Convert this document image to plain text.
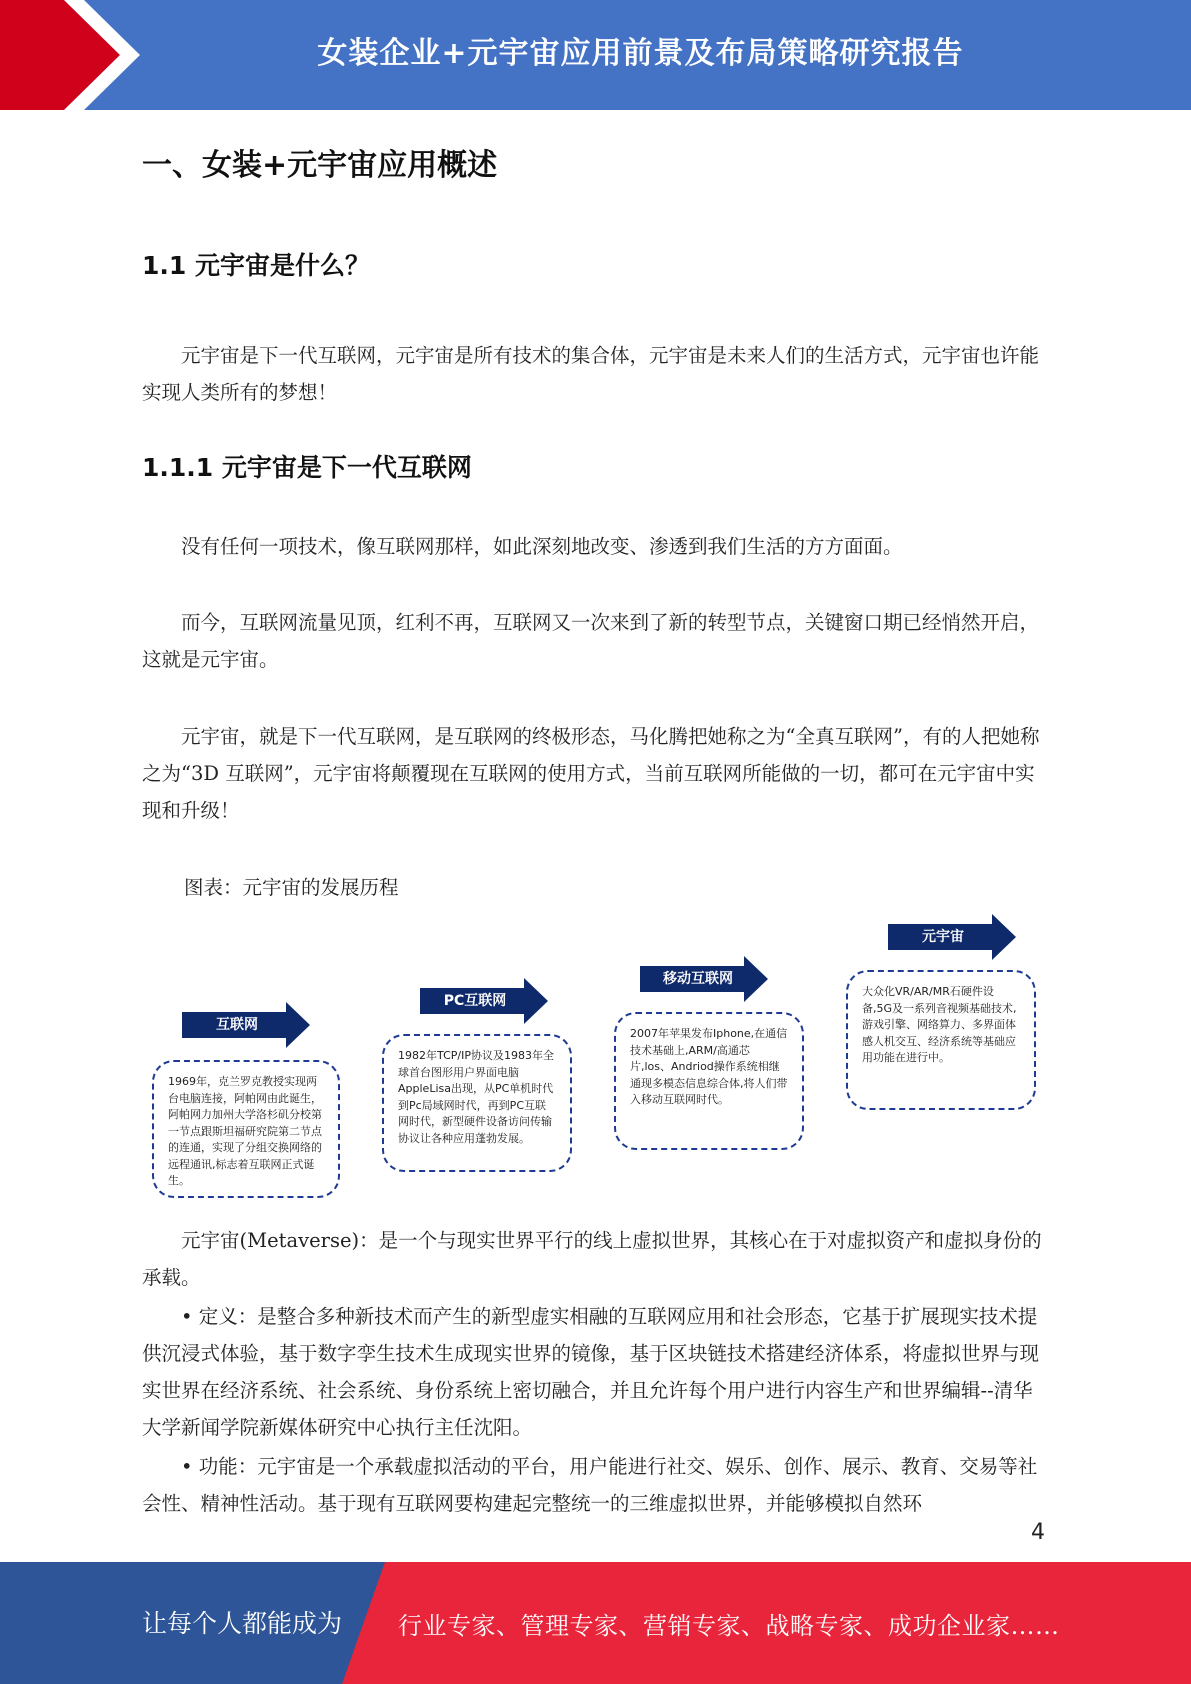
女装企业+元宇宙应用前景及布局策略研究报告
一、女装+元宇宙应用概述
1.1 元宇宙是什么？

元宇宙是下一代互联网，元宇宙是所有技术的集合体，元宇宙是未来人们的生活方式，元宇宙也许能实现人类所有的梦想！

1.1.1 元宇宙是下一代互联网

没有任何一项技术，像互联网那样，如此深刻地改变、渗透到我们生活的方方面面。

而今，互联网流量见顶，红利不再，互联网又一次来到了新的转型节点，关键窗口期已经悄然开启，这就是元宇宙。

元宇宙，就是下一代互联网，是互联网的终极形态，马化腾把她称之为“全真互联网”，有的人把她称之为“3D 互联网”，元宇宙将颠覆现在互联网的使用方式，当前互联网所能做的一切，都可在元宇宙中实现和升级！

图表：元宇宙的发展历程
互联网
1969年，克兰罗克教授实现两台电脑连接，阿帕网由此诞生，阿帕网力加州大学洛杉矶分校第一节点跟斯坦福研究院第二节点的连通，实现了分组交换网络的远程通讯,标志着互联网正式诞生。
PC互联网
1982年TCP/IP协议及1983年全球首台图形用户界面电脑AppleLisa出现，从PC单机时代到Pc局域网时代，再到PC互联网时代，新型硬件设备访问传输协议让各种应用蓬勃发展。
移动互联网
2007年苹果发布Iphone,在通信技术基础上,ARM/高通芯片,los、Andriod操作系统相继通现多模态信息综合体,将人们带入移动互联网时代。
元宇宙
大众化VR/AR/MR石硬件设备,5G及一系列音视频基础技术,游戏引擎、网络算力、多界面体感人机交互、经济系统等基础应用功能在进行中。

元宇宙(Metaverse)：是一个与现实世界平行的线上虚拟世界，其核心在于对虚拟资产和虚拟身份的承载。

• 定义：是整合多种新技术而产生的新型虚实相融的互联网应用和社会形态，它基于扩展现实技术提供沉浸式体验，基于数字孪生技术生成现实世界的镜像，基于区块链技术搭建经济体系，将虚拟世界与现实世界在经济系统、社会系统、身份系统上密切融合，并且允许每个用户进行内容生产和世界编辑--清华大学新闻学院新媒体研究中心执行主任沈阳。

• 功能：元宇宙是一个承载虚拟活动的平台，用户能进行社交、娱乐、创作、展示、教育、交易等社会性、精神性活动。基于现有互联网要构建起完整统一的三维虚拟世界，并能够模拟自然环

4
让每个人都能成为 行业专家、管理专家、营销专家、战略专家、成功企业家……
